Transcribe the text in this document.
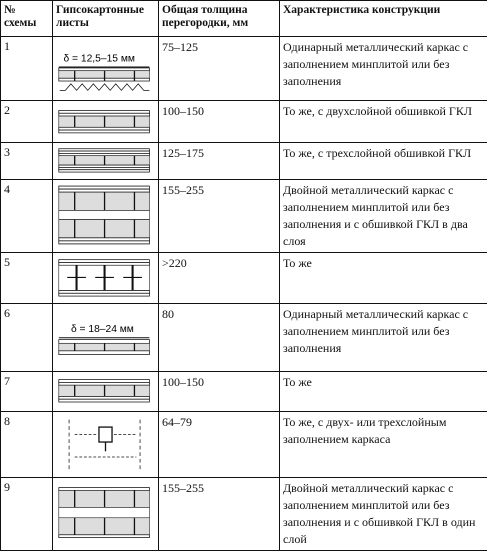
№
схемы	Гипсокартонные листы	Общая толщина перегородки, мм	Характеристика конструкции
1	δ = 12,5–15 мм	75–125	Одинарный металлический каркас с заполнением минплитой или без заполнения
2		100–150	То же, с двухслойной обшивкой ГКЛ
3		125–175	То же, с трехслойной обшивкой ГКЛ
4		155–255	Двойной металлический каркас с заполнением минплитой или без заполнения и с обшивкой ГКЛ в два слоя
5		>220	То же
6	δ = 18–24 мм	80	Одинарный металлический каркас с заполнением минплитой или без заполнения
7		100–150	То же
8		64–79	То же, с двух- или трехслойным заполнением каркаса
9		155–255	Двойной металлический каркас с заполнением минплитой или без заполнения и с обшивкой ГКЛ в один слой
